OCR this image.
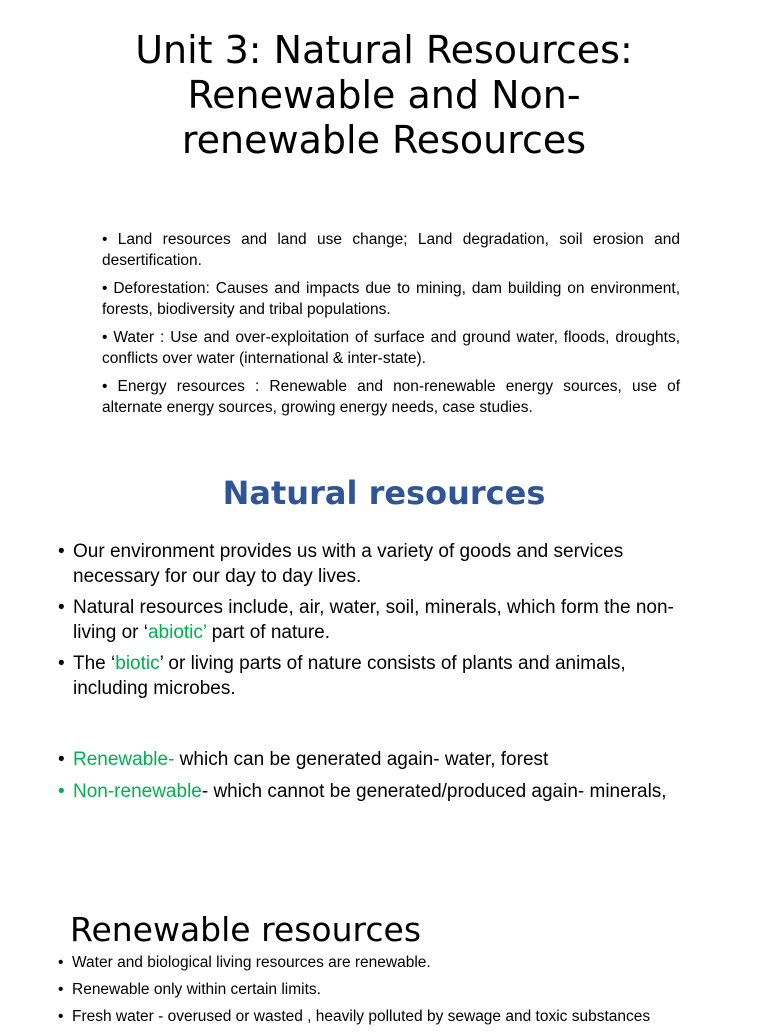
Unit 3: Natural Resources:
Renewable and Non-
renewable Resources

• Land resources and land use change; Land degradation, soil erosion and desertification.

• Deforestation: Causes and impacts due to mining, dam building on environment, forests, biodiversity and tribal populations.

• Water : Use and over-exploitation of surface and ground water, floods, droughts, conflicts over water (international & inter-state).

• Energy resources : Renewable and non-renewable energy sources, use of alternate energy sources, growing energy needs, case studies.

Natural resources
• Our environment provides us with a variety of goods and services necessary for our day to day lives.
• Natural resources include, air, water, soil, minerals, which form the non-living or ‘abiotic’ part of nature.
• The ‘biotic’ or living parts of nature consists of plants and animals, including microbes.
• Renewable- which can be generated again- water, forest
• Non-renewable- which cannot be generated/produced again- minerals,
Renewable resources
• Water and biological living resources are renewable.
• Renewable only within certain limits.
• Fresh water - overused or wasted , heavily polluted by sewage and toxic substances
